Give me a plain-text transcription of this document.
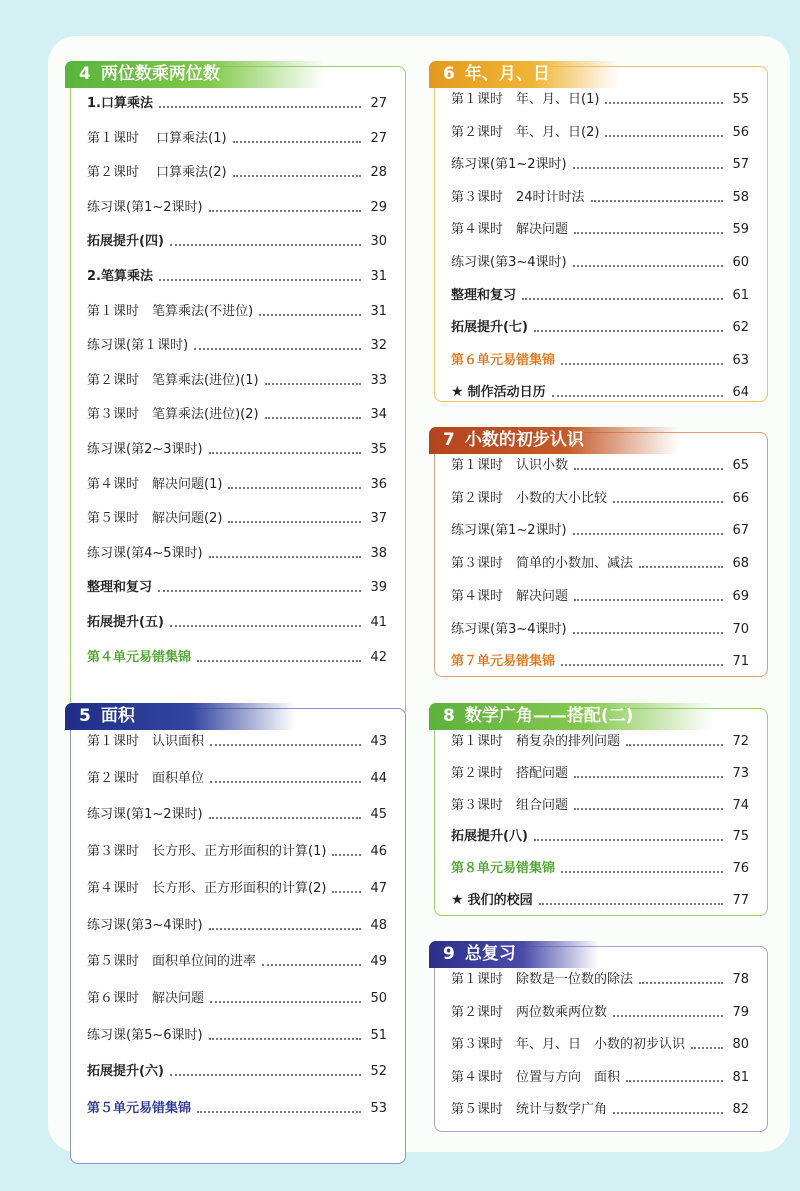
4 两位数乘两位数
1.口算乘法	27
第１课时　 口算乘法(1)	27
第２课时　 口算乘法(2)	28
练习课(第1~2课时)	29
拓展提升(四)	30
2.笔算乘法	31
第１课时　笔算乘法(不进位)	31
练习课(第１课时)	32
第２课时　笔算乘法(进位)(1)	33
第３课时　笔算乘法(进位)(2)	34
练习课(第2~3课时)	35
第４课时　解决问题(1)	36
第５课时　解决问题(2)	37
练习课(第4~5课时)	38
整理和复习	39
拓展提升(五)	41
第４单元易错集锦	42
5 面积
第１课时　认识面积	43
第２课时　面积单位	44
练习课(第1~2课时)	45
第３课时　长方形、正方形面积的计算(1)	46
第４课时　长方形、正方形面积的计算(2)	47
练习课(第3~4课时)	48
第５课时　面积单位间的进率	49
第６课时　解决问题	50
练习课(第5~6课时)	51
拓展提升(六)	52
第５单元易错集锦	53
6 年、月、日
第１课时　年、月、日(1)	55
第２课时　年、月、日(2)	56
练习课(第1~2课时)	57
第３课时　24时计时法	58
第４课时　解决问题	59
练习课(第3~4课时)	60
整理和复习	61
拓展提升(七)	62
第６单元易错集锦	63
★ 制作活动日历	64
7 小数的初步认识
第１课时　认识小数	65
第２课时　小数的大小比较	66
练习课(第1~2课时)	67
第３课时　简单的小数加、减法	68
第４课时　解决问题	69
练习课(第3~4课时)	70
第７单元易错集锦	71
8 数学广角——搭配(二)
第１课时　稍复杂的排列问题	72
第２课时　搭配问题	73
第３课时　组合问题	74
拓展提升(八)	75
第８单元易错集锦	76
★ 我们的校园	77
9 总复习
第１课时　除数是一位数的除法	78
第２课时　两位数乘两位数	79
第３课时　年、月、日　小数的初步认识	80
第４课时　位置与方向　面积	81
第５课时　统计与数学广角	82
